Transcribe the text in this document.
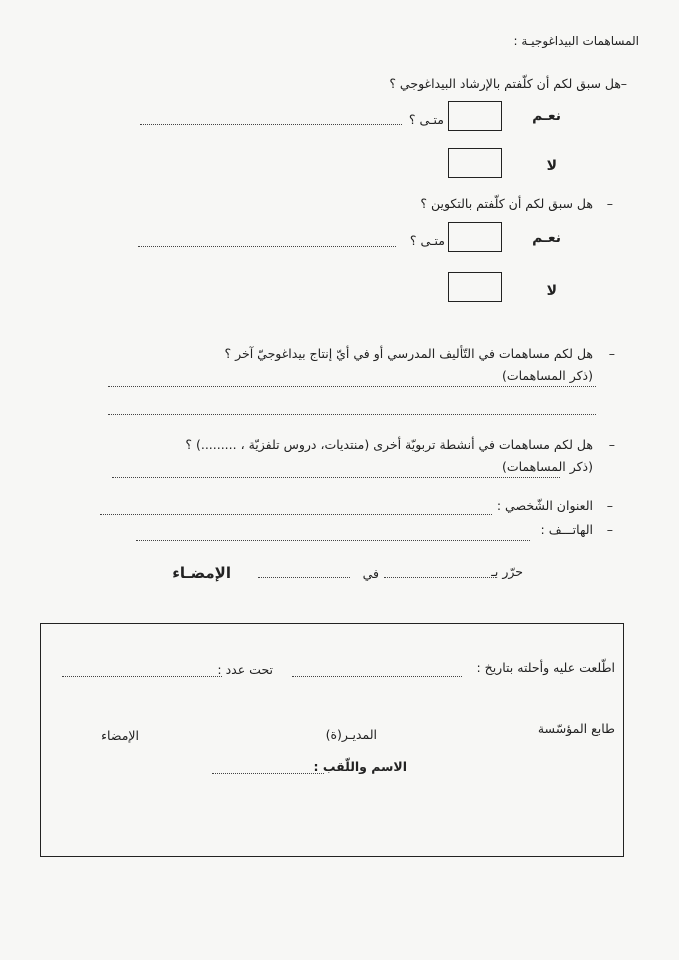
المساهمات البيداغوجيـة :
هل سبق لكم أن كلّفتم بالإرشاد البيداغوجي ؟ –
نعـم
متـى ؟
لا
هل سبق لكم أن كلّفتم بالتكوين ؟ –
نعـم
متـى ؟
لا
هل لكم مساهمات في التّأليف المدرسي أو في أيّ إنتاج بيداغوجيّ آخر ؟ –
(ذكر المساهمات)
هل لكم مساهمات في أنشطة تربويّة أخرى (منتديات، دروس تلفزيّة ، .........) ؟ –
(ذكر المساهمات)
العنوان الشّخصي : –
الهاتـــف : –
حرّر بـ
في
الإمضـاء
اطّلعت عليه وأحلته بتاريخ :
تحت عدد :
طابع المؤسّسة
المديـر(ة)
الإمضاء
الاسم واللّقب :
